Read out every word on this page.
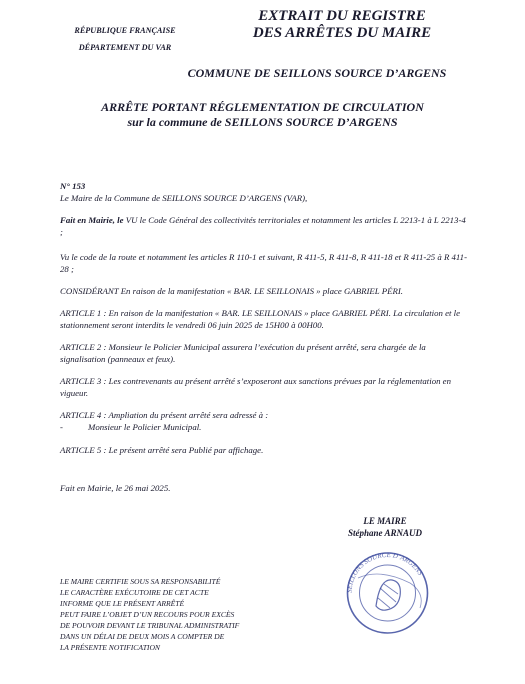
RÉPUBLIQUE FRANÇAISE
DÉPARTEMENT DU VAR
EXTRAIT DU REGISTRE
DES ARRÊTES DU MAIRE
COMMUNE DE SEILLONS SOURCE D’ARGENS
ARRÊTE PORTANT RÉGLEMENTATION DE CIRCULATION
sur la commune de SEILLONS SOURCE D’ARGENS

N° 153

Le Maire de la Commune de SEILLONS SOURCE D’ARGENS (VAR),

Fait en Mairie, le VU le Code Général des collectivités territoriales et notamment les articles L 2213-1 à L 2213-4 ;

Vu le code de la route et notamment les articles R 110-1 et suivant, R 411-5, R 411-8, R 411-18 et R 411-25 à R 411-28 ;
CONSIDÉRANT En raison de la manifestation « BAR. LE SEILLONAIS » place GABRIEL PÉRI.
ARTICLE 1 : En raison de la manifestation « BAR. LE SEILLONAIS » place GABRIEL PÉRI. La circulation et le stationnement seront interdits le vendredi 06 juin 2025 de 15H00 à 00H00.
ARTICLE 2 : Monsieur le Policier Municipal assurera l’exécution du présent arrêté, sera chargée de la signalisation (panneaux et feux).
ARTICLE 3 : Les contrevenants au présent arrêté s’exposeront aux sanctions prévues par la réglementation en vigueur.

ARTICLE 4 : Ampliation du présent arrêté sera adressé à :

-	Monsieur le Policier Municipal.

ARTICLE 5 : Le présent arrêté sera Publié par affichage.
Fait en Mairie, le 26 mai 2025.
LE MAIRE
Stéphane ARNAUD
SEILLONS SOURCE D’ARGENS
LE MAIRE CERTIFIE SOUS SA RESPONSABILITÉ
LE CARACTÈRE EXÉCUTOIRE DE CET ACTE
INFORME QUE LE PRÉSENT ARRÊTÉ
PEUT FAIRE L’OBJET D’UN RECOURS POUR EXCÈS
DE POUVOIR DEVANT LE TRIBUNAL ADMINISTRATIF
DANS UN DÉLAI DE DEUX MOIS A COMPTER DE
LA PRÉSENTE NOTIFICATION
